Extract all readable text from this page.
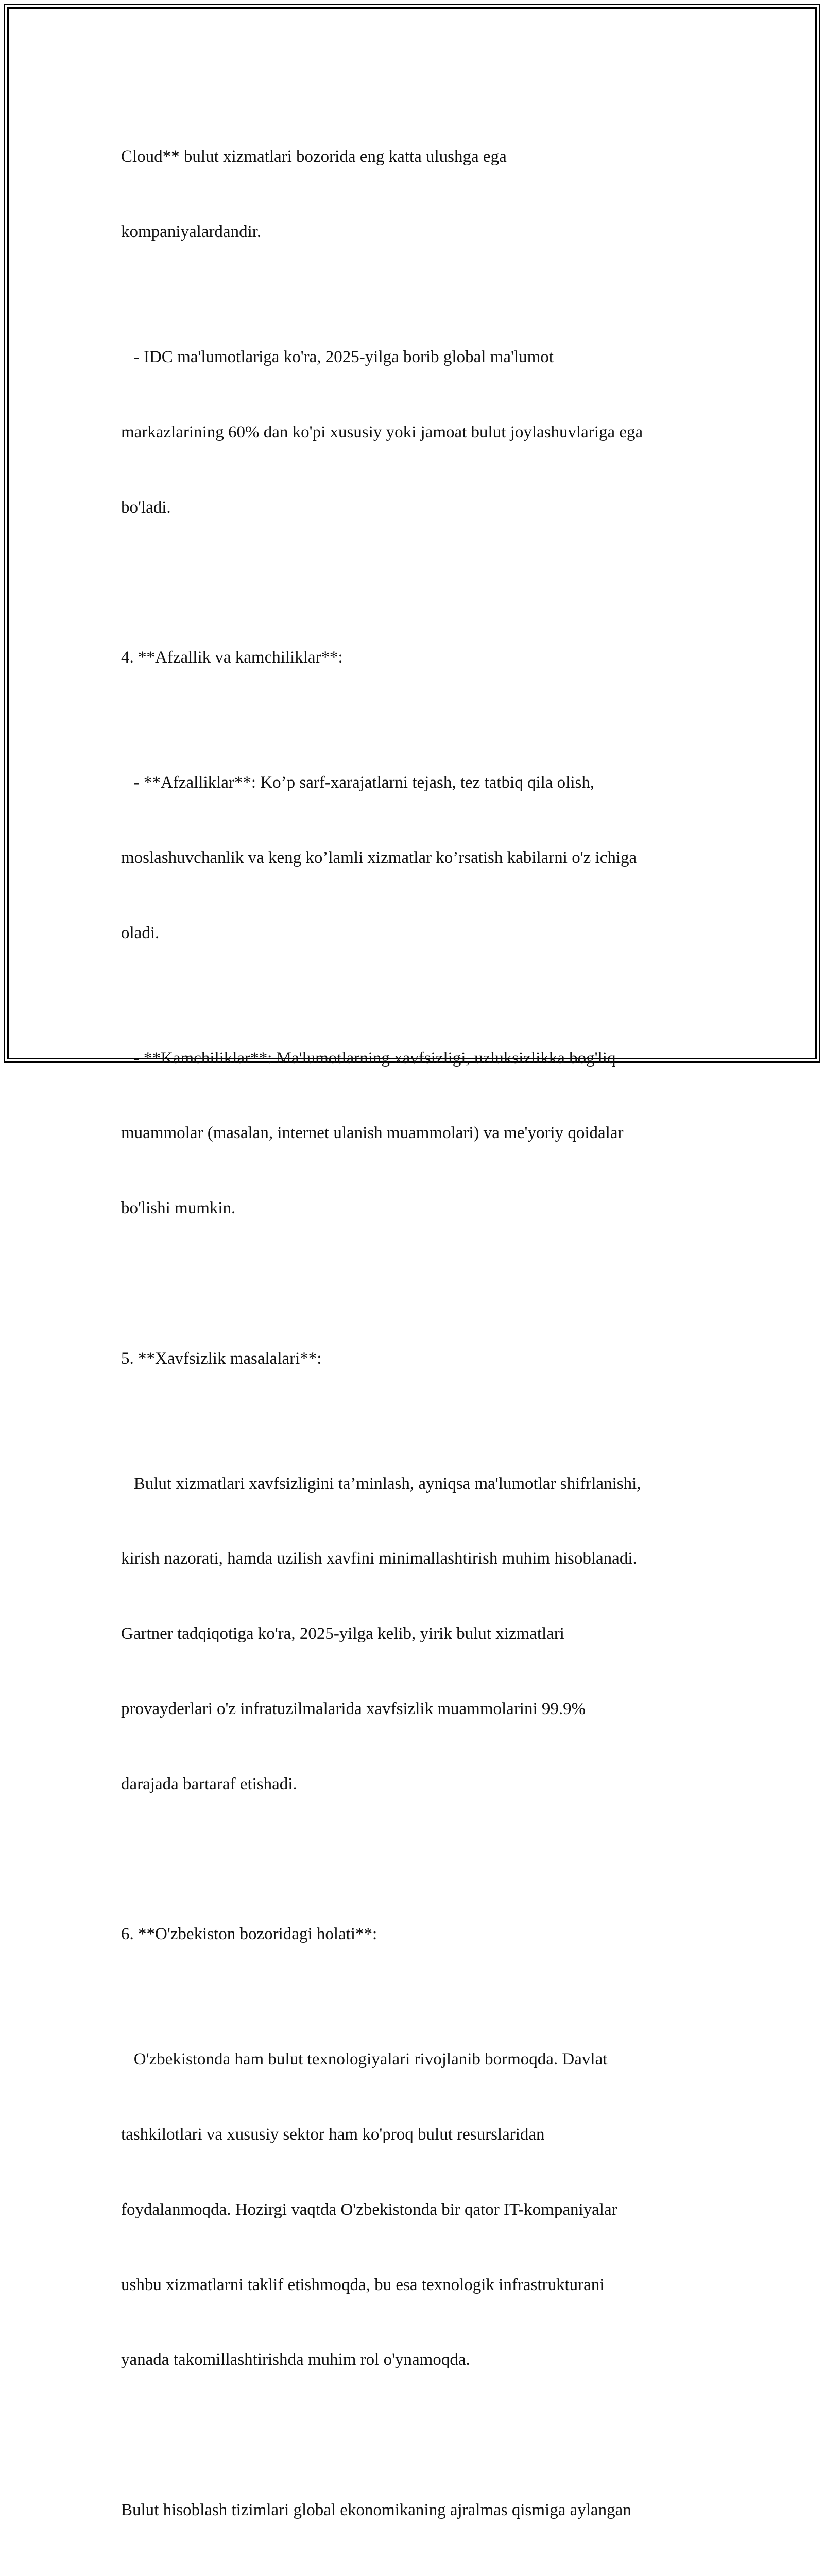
Cloud** bulut xizmatlari bozorida eng katta ulushga ega

kompaniyalardandir.

- IDC ma'lumotlariga ko'ra, 2025-yilga borib global ma'lumot

markazlarining 60% dan ko'pi xususiy yoki jamoat bulut joylashuvlariga ega

bo'ladi.

4. **Afzallik va kamchiliklar**:

- **Afzalliklar**: Ko’p sarf-xarajatlarni tejash, tez tatbiq qila olish,

moslashuvchanlik va keng ko’lamli xizmatlar ko’rsatish kabilarni o'z ichiga

oladi.

- **Kamchiliklar**: Ma'lumotlarning xavfsizligi, uzluksizlikka bog'liq

muammolar (masalan, internet ulanish muammolari) va me'yoriy qoidalar

bo'lishi mumkin.

5. **Xavfsizlik masalalari**:

Bulut xizmatlari xavfsizligini ta’minlash, ayniqsa ma'lumotlar shifrlanishi,

kirish nazorati, hamda uzilish xavfini minimallashtirish muhim hisoblanadi.

Gartner tadqiqotiga ko'ra, 2025-yilga kelib, yirik bulut xizmatlari

provayderlari o'z infratuzilmalarida xavfsizlik muammolarini 99.9%

darajada bartaraf etishadi.

6. **O'zbekiston bozoridagi holati**:

O'zbekistonda ham bulut texnologiyalari rivojlanib bormoqda. Davlat

tashkilotlari va xususiy sektor ham ko'proq bulut resurslaridan

foydalanmoqda. Hozirgi vaqtda O'zbekistonda bir qator IT-kompaniyalar

ushbu xizmatlarni taklif etishmoqda, bu esa texnologik infrastrukturani

yanada takomillashtirishda muhim rol o'ynamoqda.

Bulut hisoblash tizimlari global ekonomikaning ajralmas qismiga aylangan
